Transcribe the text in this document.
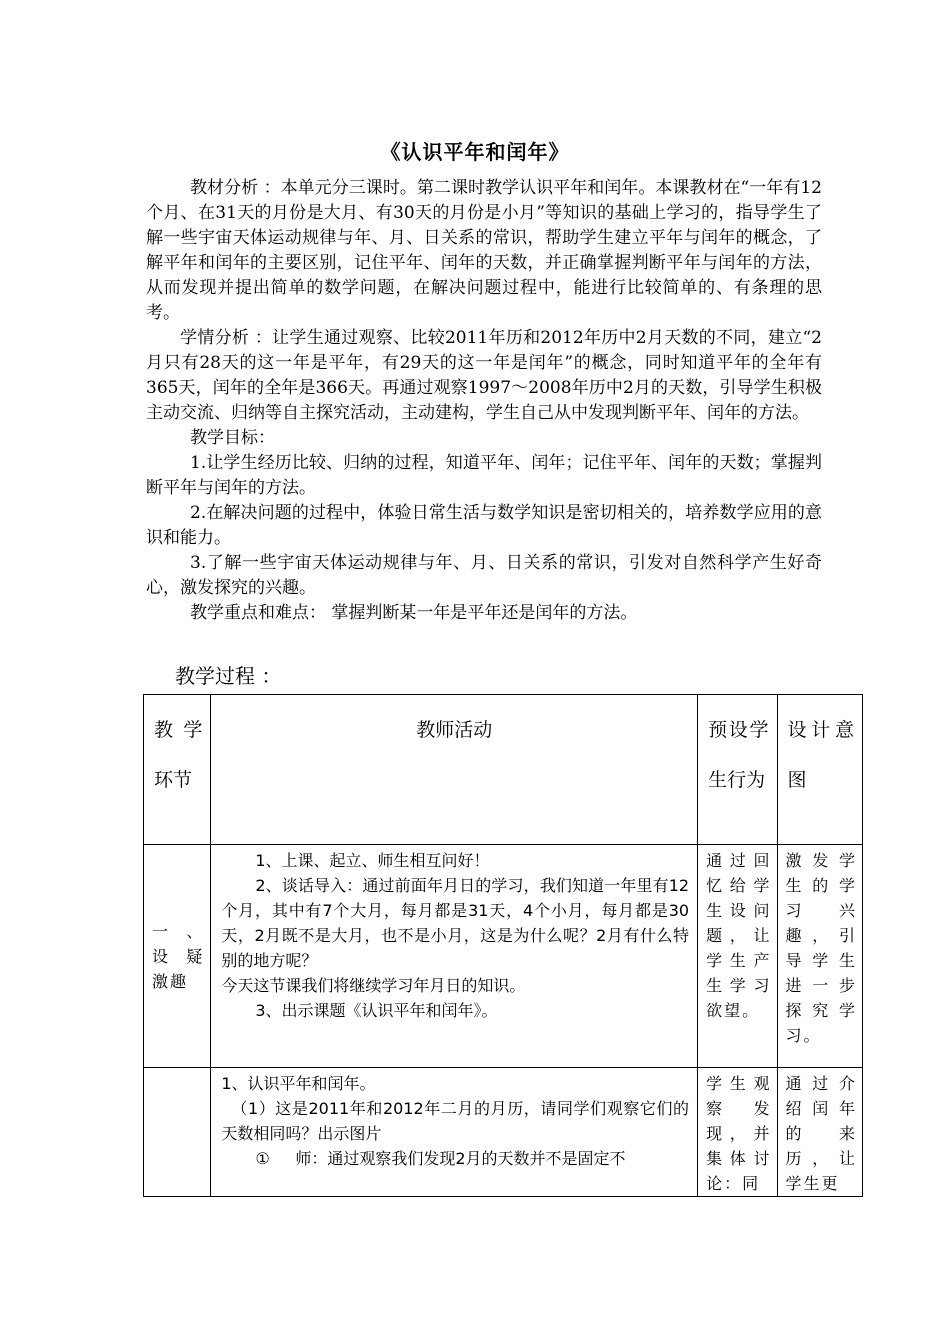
《认识平年和闰年》

教材分析 ：本单元分三课时。第二课时教学认识平年和闰年。本课教材在“一年有12个月、在31天的月份是大月、有30天的月份是小月”等知识的基础上学习的，指导学生了解一些宇宙天体运动规律与年、月、日关系的常识，帮助学生建立平年与闰年的概念，了解平年和闰年的主要区别，记住平年、闰年的天数，并正确掌握判断平年与闰年的方法，从而发现并提出简单的数学问题，在解决问题过程中，能进行比较简单的、有条理的思考。

学情分析 ：让学生通过观察、比较2011年历和2012年历中2月天数的不同，建立“2月只有28天的这一年是平年，有29天的这一年是闰年”的概念，同时知道平年的全年有365天，闰年的全年是366天。再通过观察1997～2008年历中2月的天数，引导学生积极主动交流、归纳等自主探究活动，主动建构，学生自己从中发现判断平年、闰年的方法。

教学目标：

1.让学生经历比较、归纳的过程，知道平年、闰年；记住平年、闰年的天数；掌握判断平年与闰年的方法。

2.在解决问题的过程中，体验日常生活与数学知识是密切相关的，培养数学应用的意识和能力。

3.了解一些宇宙天体运动规律与年、月、日关系的常识，引发对自然科学产生好奇心，激发探究的兴趣。

教学重点和难点： 掌握判断某一年是平年还是闰年的方法。

教学过程 ：
教学环节	教师活动	预设学生行为	设计意图

一、设疑激趣	1、上课、起立、师生相互问好！

2、谈话导入：通过前面年月日的学习，我们知道一年里有12个月，其中有7个大月，每月都是31天，4个小月，每月都是30天，2月既不是大月，也不是小月，这是为什么呢？2月有什么特别的地方呢？

今天这节课我们将继续学习年月日的知识。

3、出示课题《认识平年和闰年》。	通过回忆给学生设问题，让学生产生学习欲望。	激发学生的学习兴趣，引导学生进一步探究学习。

	1、认识平年和闰年。

（1）这是2011年和2012年二月的月历，请同学们观察它们的天数相同吗？出示图片

① 师：通过观察我们发现2月的天数并不是固定不	学生观察发现，并集体讨论：同	通过介绍闰年的来历，让学生更
